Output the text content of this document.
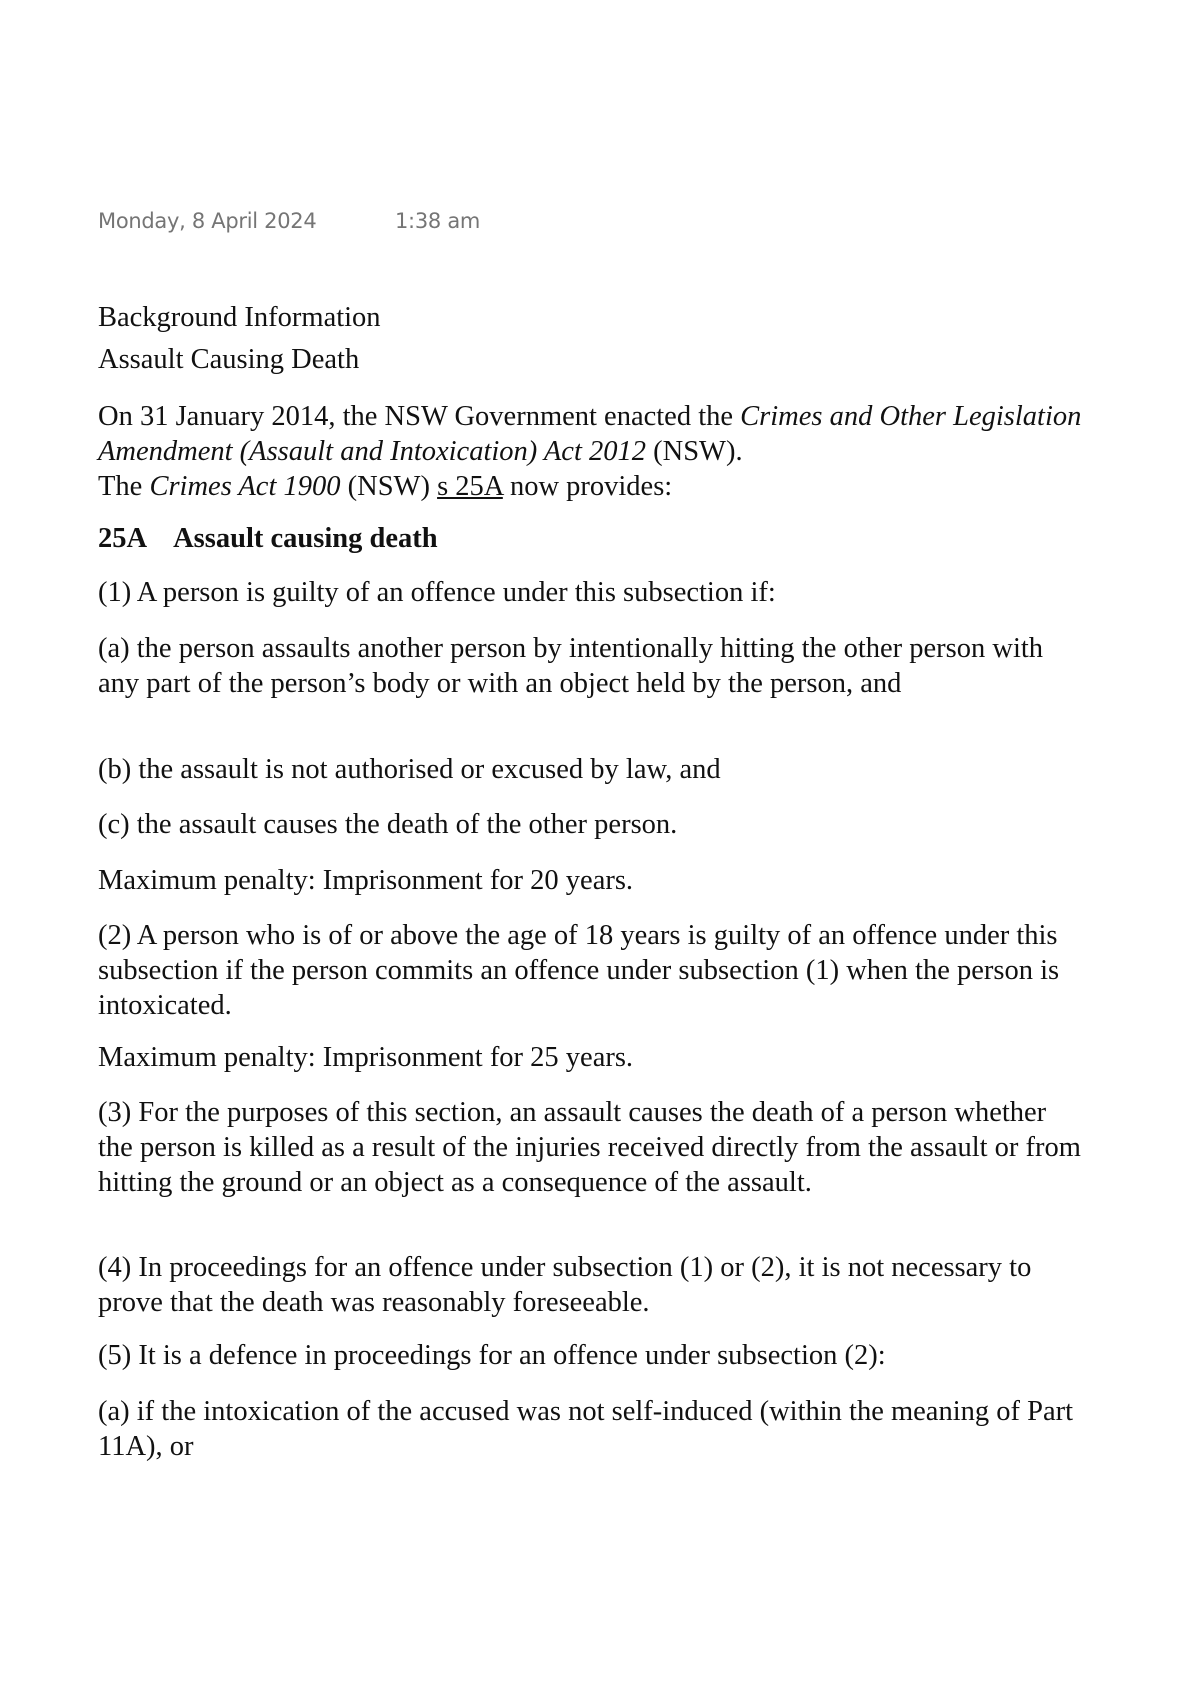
Monday, 8 April 2024	1:38 am

Background Information

Assault Causing Death

On 31 January 2014, the NSW Government enacted the Crimes and Other Legislation Amendment (Assault and Intoxication) Act 2012 (NSW).
The Crimes Act 1900 (NSW) s 25A now provides:

25A Assault causing death

(1) A person is guilty of an offence under this subsection if:

(a) the person assaults another person by intentionally hitting the other person with any part of the person’s body or with an object held by the person, and

(b) the assault is not authorised or excused by law, and

(c) the assault causes the death of the other person.

Maximum penalty: Imprisonment for 20 years.

(2) A person who is of or above the age of 18 years is guilty of an offence under this subsection if the person commits an offence under subsection (1) when the person is intoxicated.

Maximum penalty: Imprisonment for 25 years.

(3) For the purposes of this section, an assault causes the death of a person whether the person is killed as a result of the injuries received directly from the assault or from hitting the ground or an object as a consequence of the assault.

(4) In proceedings for an offence under subsection (1) or (2), it is not necessary to prove that the death was reasonably foreseeable.

(5) It is a defence in proceedings for an offence under subsection (2):

(a) if the intoxication of the accused was not self-induced (within the meaning of Part 11A), or
